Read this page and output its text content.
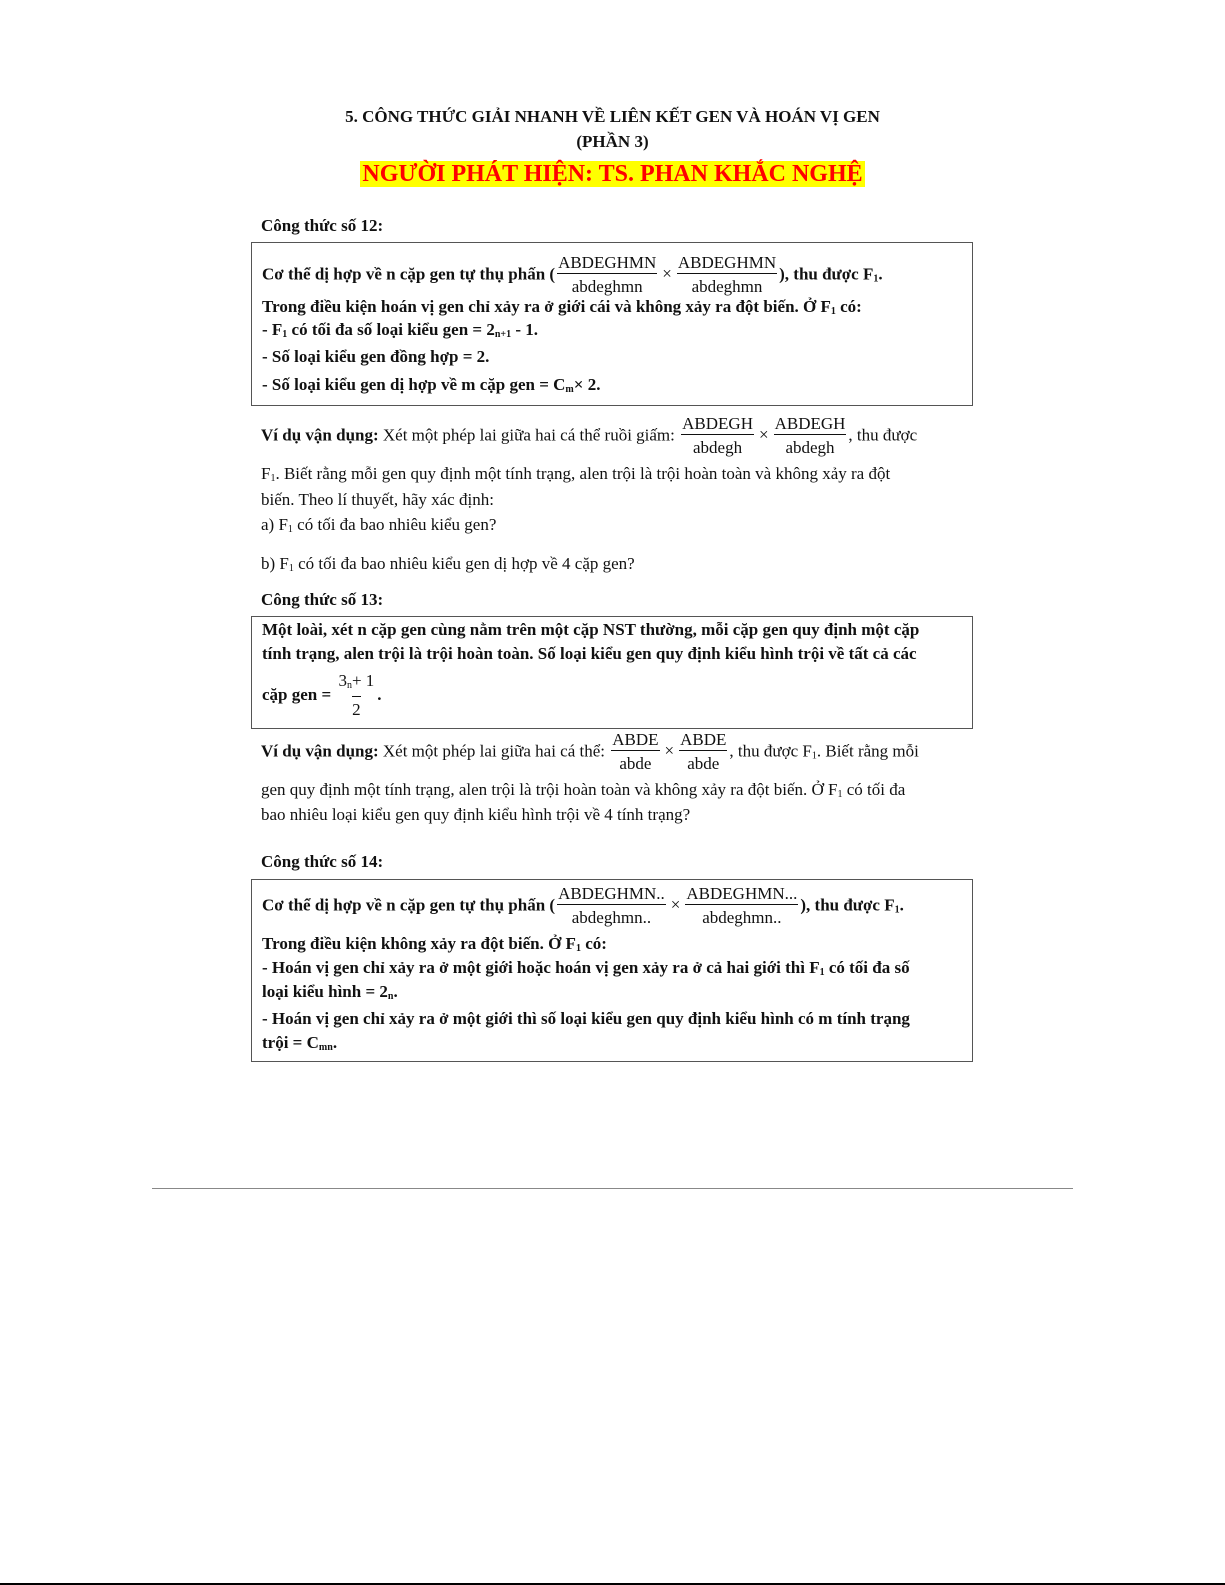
5. CÔNG THỨC GIẢI NHANH VỀ LIÊN KẾT GEN VÀ HOÁN VỊ GEN
(PHẦN 3)
NGƯỜI PHÁT HIỆN: TS. PHAN KHẮC NGHỆ
Công thức số 12:
Cơ thể dị hợp về n cặp gen tự thụ phấn ( $\frac{\text{ABDEGHMN}}{\text{abdeghmn}} \times \frac{\text{ABDEGHMN}}{\text{abdeghmn}}$ ), thu được $F_1$.
Trong điều kiện hoán vị gen chỉ xảy ra ở giới cái và không xảy ra đột biến. Ở $F_1$ có:
- $F_1$ có tối đa số loại kiểu gen = $2_{n+1} - 1$.
- Số loại kiểu gen đồng hợp = 2.
- Số loại kiểu gen dị hợp về m cặp gen = $C_m\times 2$.
Ví dụ vận dụng: Xét một phép lai giữa hai cá thể ruồi giấm: $\frac{\text{ABDEGH}}{\text{abdegh}} \times \frac{\text{ABDEGH}}{\text{abdegh}}$ , thu được
$F_1$. Biết rằng mỗi gen quy định một tính trạng, alen trội là trội hoàn toàn và không xảy ra đột
biến. Theo lí thuyết, hãy xác định:
a) $F_1$ có tối đa bao nhiêu kiểu gen?
b) $F_1$ có tối đa bao nhiêu kiểu gen dị hợp về 4 cặp gen?
Công thức số 13:
Một loài, xét n cặp gen cùng nằm trên một cặp NST thường, mỗi cặp gen quy định một cặp
tính trạng, alen trội là trội hoàn toàn. Số loại kiểu gen quy định kiểu hình trội về tất cả các
cặp gen = $\frac{3_n+ 1}{2}$ .
Ví dụ vận dụng: Xét một phép lai giữa hai cá thể: $\frac{\text{ABDE}}{\text{abde}} \times \frac{\text{ABDE}}{\text{abde}}$ , thu được $F_1$. Biết rằng mỗi
gen quy định một tính trạng, alen trội là trội hoàn toàn và không xảy ra đột biến. Ở $F_1$ có tối đa
bao nhiêu loại kiểu gen quy định kiểu hình trội về 4 tính trạng?
Công thức số 14:
Cơ thể dị hợp về n cặp gen tự thụ phấn ( $\frac{\text{ABDEGHMN..}}{\text{abdeghmn..}} \times \frac{\text{ABDEGHMN...}}{\text{abdeghmn..}}$ ), thu được $F_1$.
Trong điều kiện không xảy ra đột biến. Ở $F_1$ có:
- Hoán vị gen chỉ xảy ra ở một giới hoặc hoán vị gen xảy ra ở cả hai giới thì $F_1$ có tối đa số
loại kiểu hình = $2_n$.
- Hoán vị gen chỉ xảy ra ở một giới thì số loại kiểu gen quy định kiểu hình có m tính trạng
trội = $C_{mn}$.
